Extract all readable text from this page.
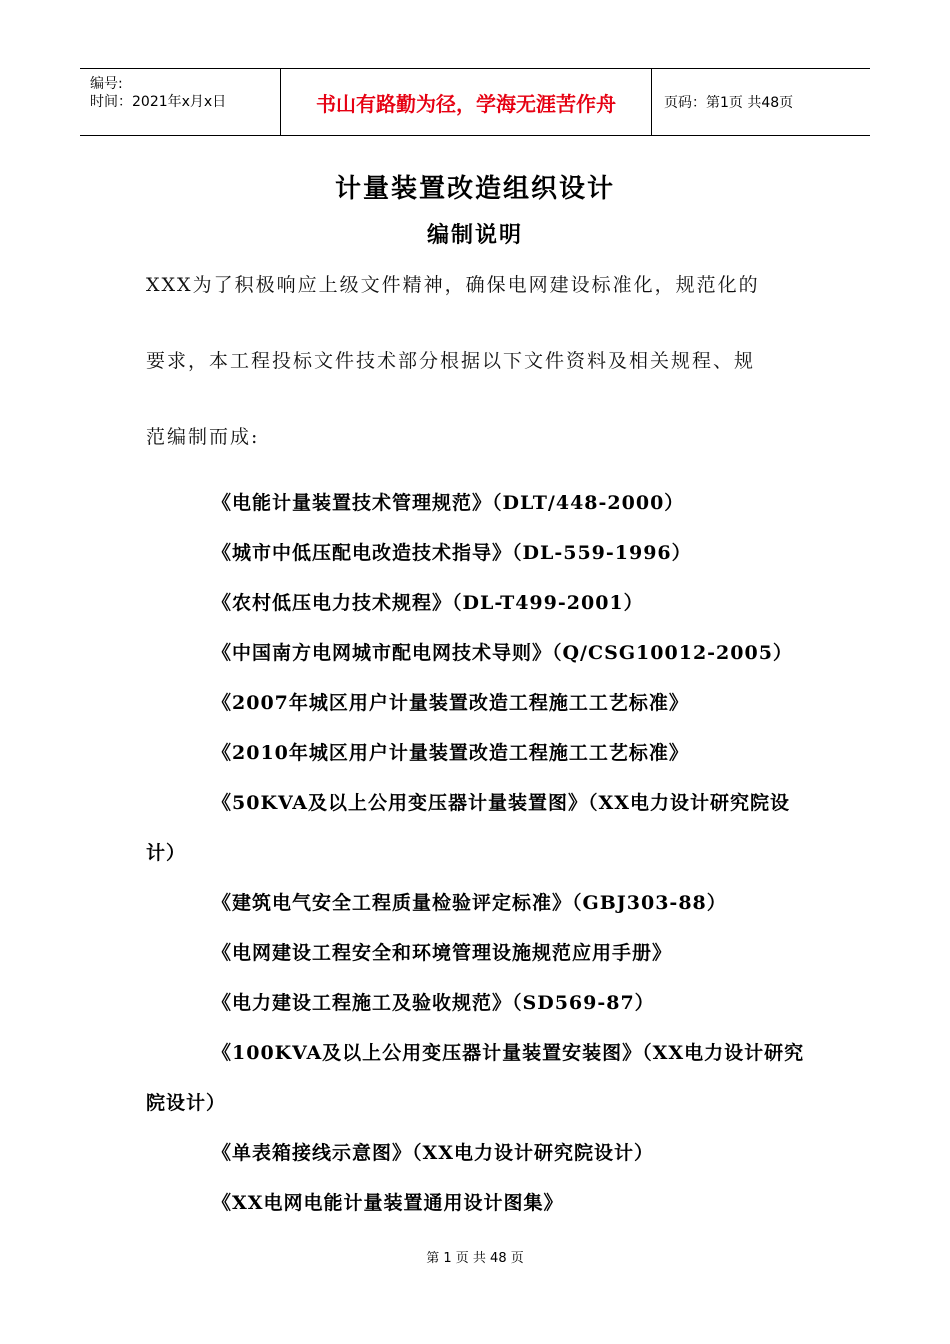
编号:
时间：2021年x月x日	书山有路勤为径，学海无涯苦作舟	页码：第1页 共48页
计量装置改造组织设计
编制说明
XXX为了积极响应上级文件精神，确保电网建设标准化，规范化的
要求，本工程投标文件技术部分根据以下文件资料及相关规程、规
范编制而成:
《电能计量装置技术管理规范》（DLT/448-2000）
《城市中低压配电改造技术指导》（DL-559-1996）
《农村低压电力技术规程》（DL-T499-2001）
《中国南方电网城市配电网技术导则》（Q/CSG10012-2005）
《2007年城区用户计量装置改造工程施工工艺标准》
《2010年城区用户计量装置改造工程施工工艺标准》
《50KVA及以上公用变压器计量装置图》（XX电力设计研究院设计）
《建筑电气安全工程质量检验评定标准》（GBJ303-88）
《电网建设工程安全和环境管理设施规范应用手册》
《电力建设工程施工及验收规范》（SD569-87）
《100KVA及以上公用变压器计量装置安装图》（XX电力设计研究院设计）
《单表箱接线示意图》（XX电力设计研究院设计）
《XX电网电能计量装置通用设计图集》
第 1 页 共 48 页
